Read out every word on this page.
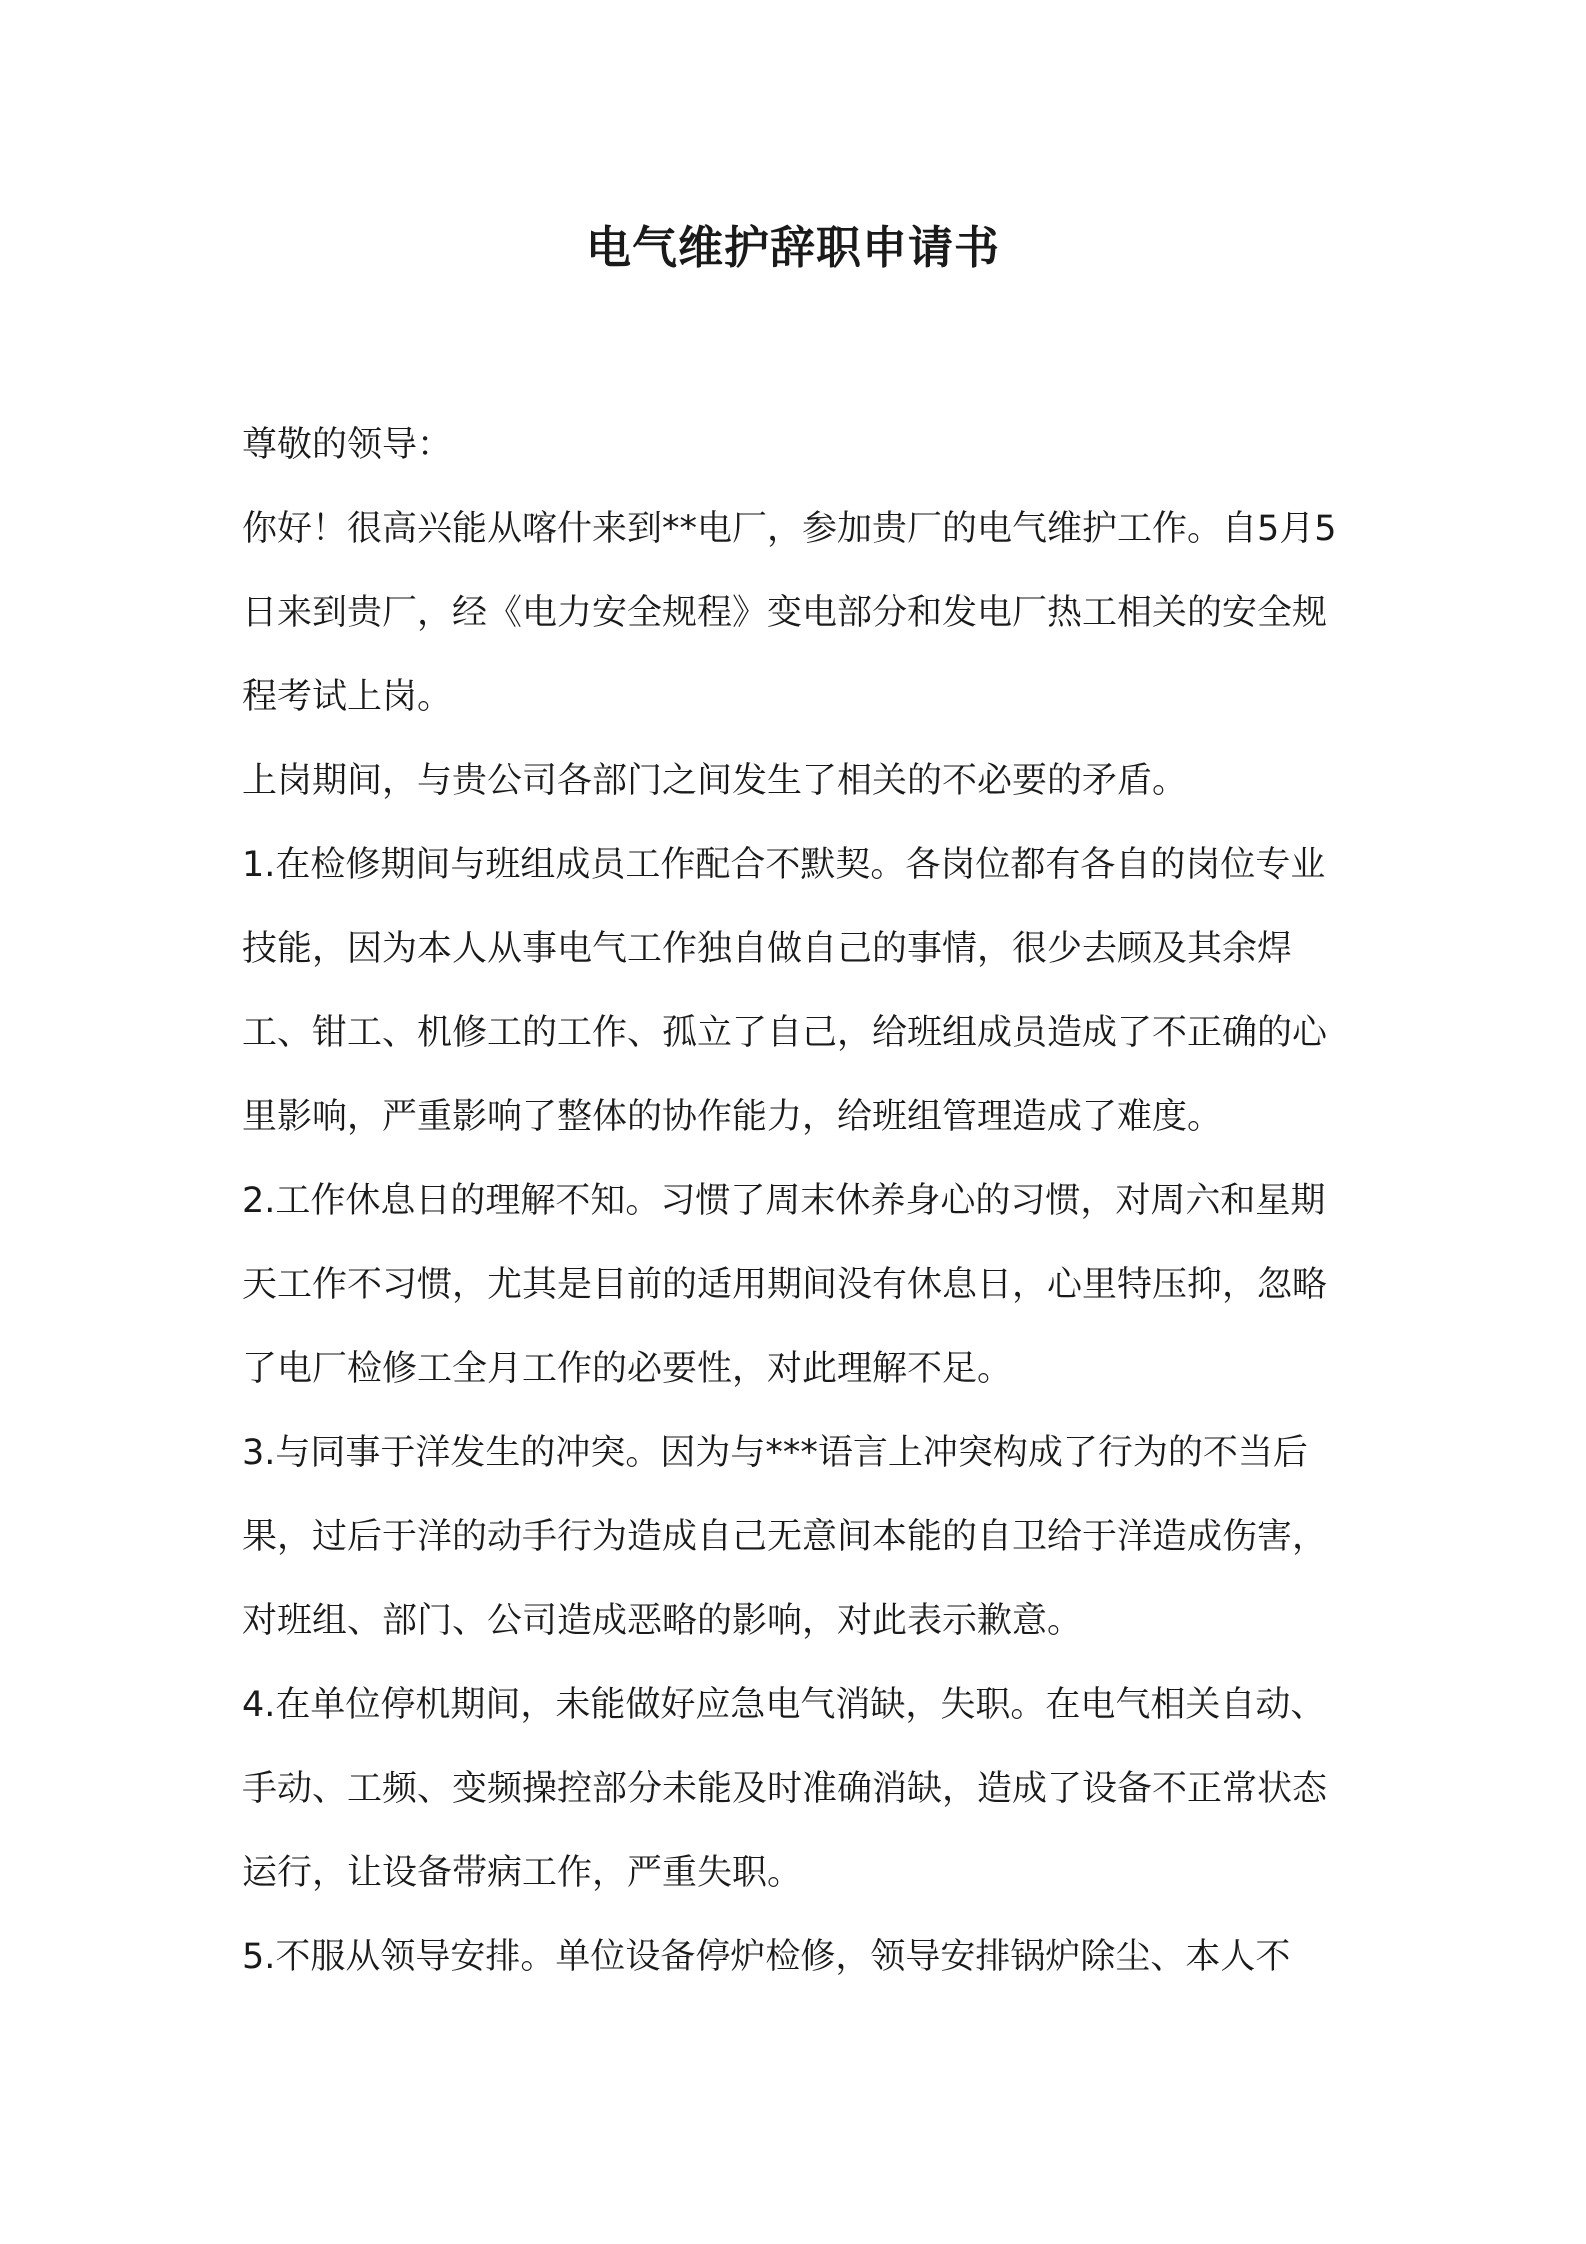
电气维护辞职申请书

尊敬的领导：

你好！很高兴能从喀什来到**电厂，参加贵厂的电气维护工作。自5月5日来到贵厂，经《电力安全规程》变电部分和发电厂热工相关的安全规程考试上岗。

上岗期间，与贵公司各部门之间发生了相关的不必要的矛盾。

1.在检修期间与班组成员工作配合不默契。各岗位都有各自的岗位专业技能，因为本人从事电气工作独自做自己的事情，很少去顾及其余焊工、钳工、机修工的工作、孤立了自己，给班组成员造成了不正确的心里影响，严重影响了整体的协作能力，给班组管理造成了难度。

2.工作休息日的理解不知。习惯了周末休养身心的习惯，对周六和星期天工作不习惯，尤其是目前的适用期间没有休息日，心里特压抑，忽略了电厂检修工全月工作的必要性，对此理解不足。

3.与同事于洋发生的冲突。因为与***语言上冲突构成了行为的不当后果，过后于洋的动手行为造成自己无意间本能的自卫给于洋造成伤害，对班组、部门、公司造成恶略的影响，对此表示歉意。

4.在单位停机期间，未能做好应急电气消缺，失职。在电气相关自动、手动、工频、变频操控部分未能及时准确消缺，造成了设备不正常状态运行，让设备带病工作，严重失职。

5.不服从领导安排。单位设备停炉检修，领导安排锅炉除尘、本人不
